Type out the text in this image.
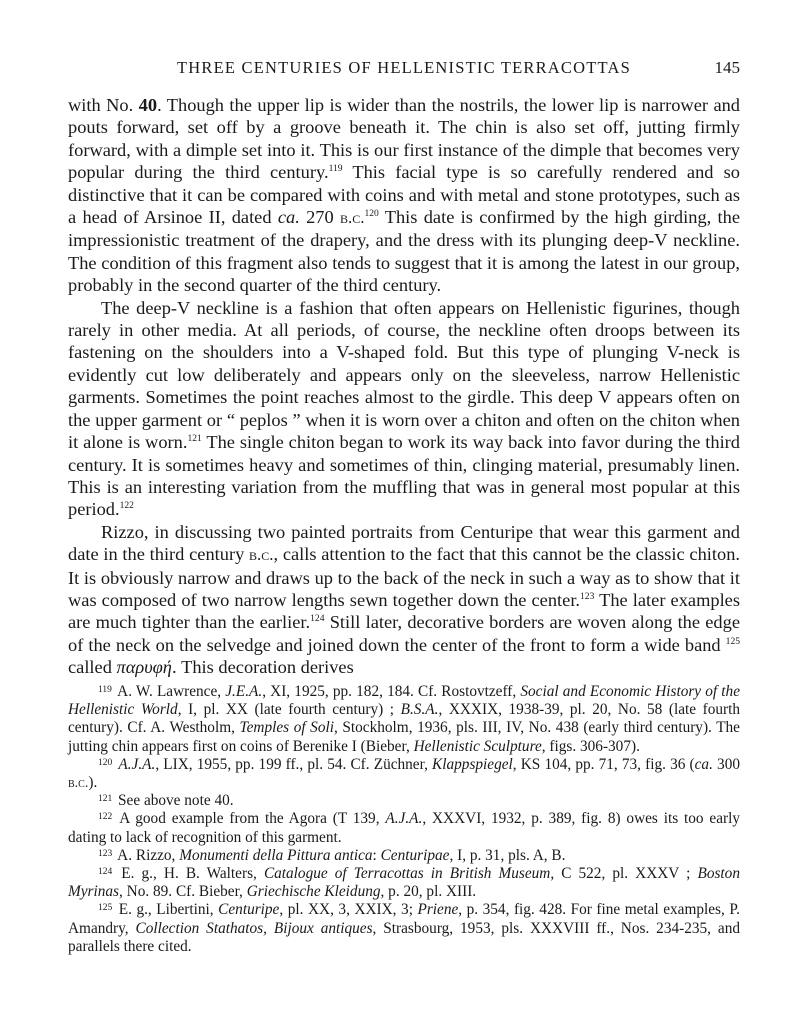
THREE CENTURIES OF HELLENISTIC TERRACOTTAS	145

with No. 40. Though the upper lip is wider than the nostrils, the lower lip is narrower and pouts forward, set off by a groove beneath it. The chin is also set off, jutting firmly forward, with a dimple set into it. This is our first instance of the dimple that becomes very popular during the third century.$^{119}$ This facial type is so carefully rendered and so distinctive that it can be compared with coins and with metal and stone prototypes, such as a head of Arsinoe II, dated ca. 270 b.c.$^{120}$ This date is confirmed by the high girding, the impressionistic treatment of the drapery, and the dress with its plunging deep-V neckline. The condition of this fragment also tends to suggest that it is among the latest in our group, probably in the second quarter of the third century.

The deep-V neckline is a fashion that often appears on Hellenistic figurines, though rarely in other media. At all periods, of course, the neckline often droops between its fastening on the shoulders into a V-shaped fold. But this type of plunging V-neck is evidently cut low deliberately and appears only on the sleeveless, narrow Hellenistic garments. Sometimes the point reaches almost to the girdle. This deep V appears often on the upper garment or “ peplos ” when it is worn over a chiton and often on the chiton when it alone is worn.$^{121}$ The single chiton began to work its way back into favor during the third century. It is sometimes heavy and sometimes of thin, clinging material, presumably linen. This is an interesting variation from the muffling that was in general most popular at this period.$^{122}$

Rizzo, in discussing two painted portraits from Centuripe that wear this garment and date in the third century b.c., calls attention to the fact that this cannot be the classic chiton. It is obviously narrow and draws up to the back of the neck in such a way as to show that it was composed of two narrow lengths sewn together down the center.$^{123}$ The later examples are much tighter than the earlier.$^{124}$ Still later, decorative borders are woven along the edge of the neck on the selvedge and joined down the center of the front to form a wide band $^{125}$ called παρυφή. This decoration derives

$^{119}$ A. W. Lawrence, J.E.A., XI, 1925, pp. 182, 184. Cf. Rostovtzeff, Social and Economic History of the Hellenistic World, I, pl. XX (late fourth century) ; B.S.A., XXXIX, 1938-39, pl. 20, No. 58 (late fourth century). Cf. A. Westholm, Temples of Soli, Stockholm, 1936, pls. III, IV, No. 438 (early third century). The jutting chin appears first on coins of Berenike I (Bieber, Hellenistic Sculpture, figs. 306-307).

$^{120}$ A.J.A., LIX, 1955, pp. 199 ff., pl. 54. Cf. Züchner, Klappspiegel, KS 104, pp. 71, 73, fig. 36 (ca. 300 b.c.).

$^{121}$ See above note 40.

$^{122}$ A good example from the Agora (T 139, A.J.A., XXXVI, 1932, p. 389, fig. 8) owes its too early dating to lack of recognition of this garment.

$^{123}$ A. Rizzo, Monumenti della Pittura antica: Centuripae, I, p. 31, pls. A, B.

$^{124}$ E. g., H. B. Walters, Catalogue of Terracottas in British Museum, C 522, pl. XXXV ; Boston Myrinas, No. 89. Cf. Bieber, Griechische Kleidung, p. 20, pl. XIII.

$^{125}$ E. g., Libertini, Centuripe, pl. XX, 3, XXIX, 3; Priene, p. 354, fig. 428. For fine metal examples, P. Amandry, Collection Stathatos, Bijoux antiques, Strasbourg, 1953, pls. XXXVIII ff., Nos. 234-235, and parallels there cited.
